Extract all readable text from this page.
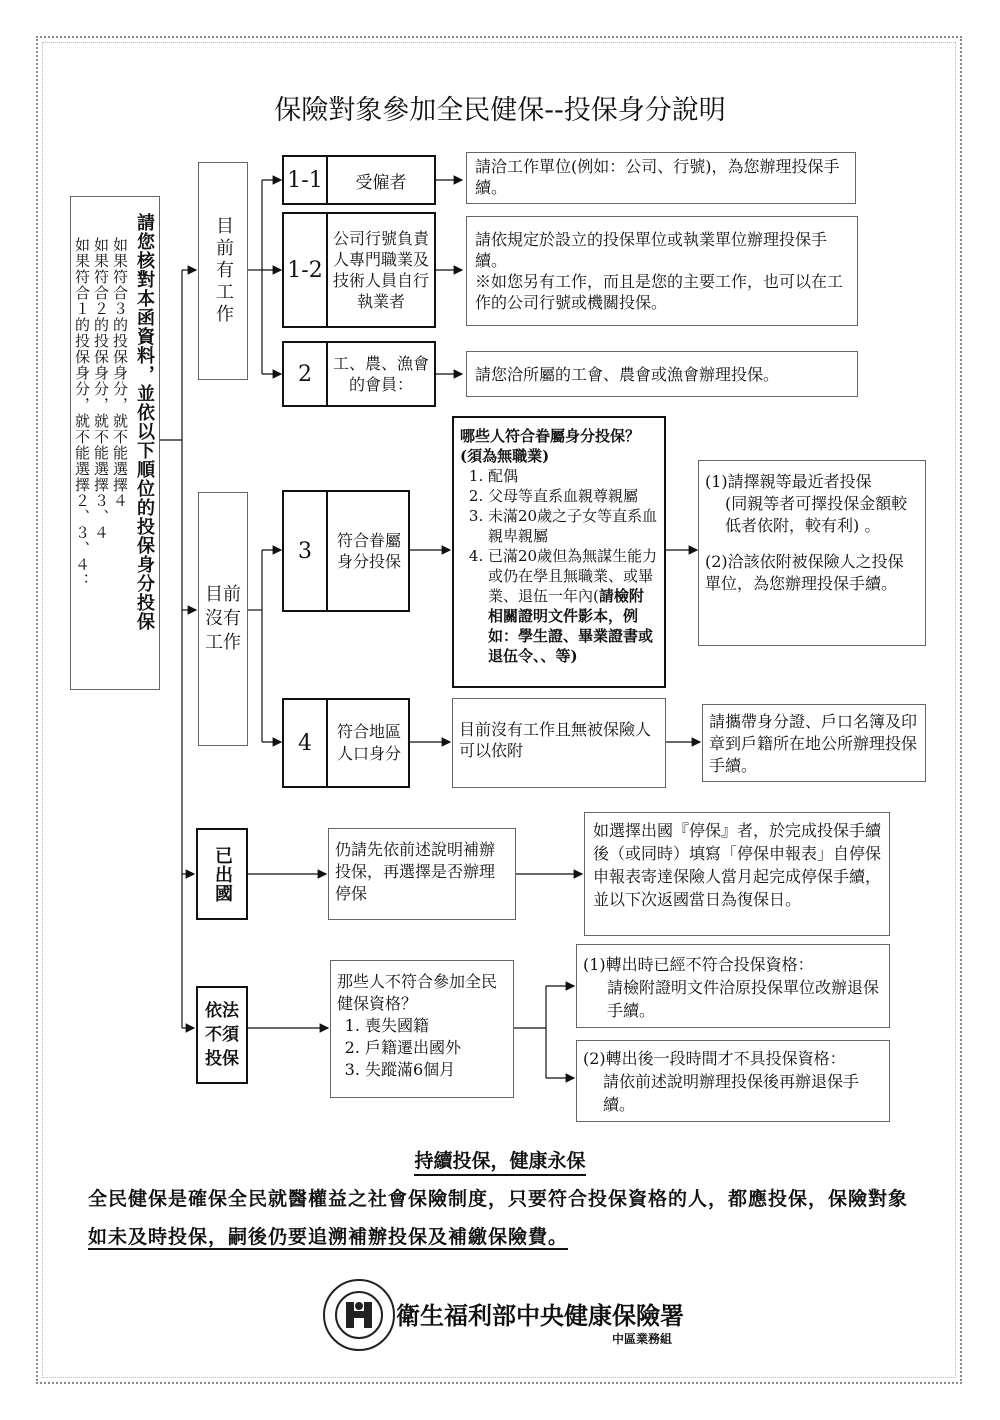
保險對象參加全民健保--投保身分說明
請您核對本函資料，並依以下順位的投保身分投保
如果符合３的投保身分，就不能選擇４
如果符合２的投保身分，就不能選擇３、４
如果符合１的投保身分，就不能選擇２、３、４：	目前有工作
目前沒有工作
已出國
依法不須投保
1-1	受僱者
請洽工作單位(例如：公司、行號)，為您辦理投保手續。
1-2
公司行號負責人專門職業及技術人員自行執業者
請依規定於設立的投保單位或執業單位辦理投保手續。
※如您另有工作，而且是您的主要工作，也可以在工作的公司行號或機關投保。
2	工、農、漁會的會員：
請您洽所屬的工會、農會或漁會辦理投保。
3	符合眷屬身分投保
哪些人符合眷屬身分投保？(須為無職業)
1. 配偶
2. 父母等直系血親尊親屬
3. 未滿20歲之子女等直系血親卑親屬
4. 已滿20歲但為無謀生能力或仍在學且無職業、或畢業、退伍一年內(請檢附相關證明文件影本，例如：學生證、畢業證書或退伍令、、等)
(1)請擇親等最近者投保
(同親等者可擇投保金額較低者依附，較有利) 。
(2)洽該依附被保險人之投保單位，為您辦理投保手續。
4	符合地區人口身分
目前沒有工作且無被保險人可以依附
請攜帶身分證、戶口名簿及印章到戶籍所在地公所辦理投保手續。
仍請先依前述說明補辦投保，再選擇是否辦理停保
如選擇出國『停保』者，於完成投保手續後（或同時）填寫「停保申報表」自停保申報表寄達保險人當月起完成停保手續，並以下次返國當日為復保日。
那些人不符合參加全民健保資格？
1. 喪失國籍
2. 戶籍遷出國外
3. 失蹤滿6個月
(1)轉出時已經不符合投保資格：
請檢附證明文件洽原投保單位改辦退保手續。
(2)轉出後一段時間才不具投保資格：
請依前述說明辦理投保後再辦退保手續。
持續投保，健康永保
全民健保是確保全民就醫權益之社會保險制度，只要符合投保資格的人，都應投保，保險對象如未及時投保，嗣後仍要追溯補辦投保及補繳保險費。
衛生福利部中央健康保險署
中區業務組
